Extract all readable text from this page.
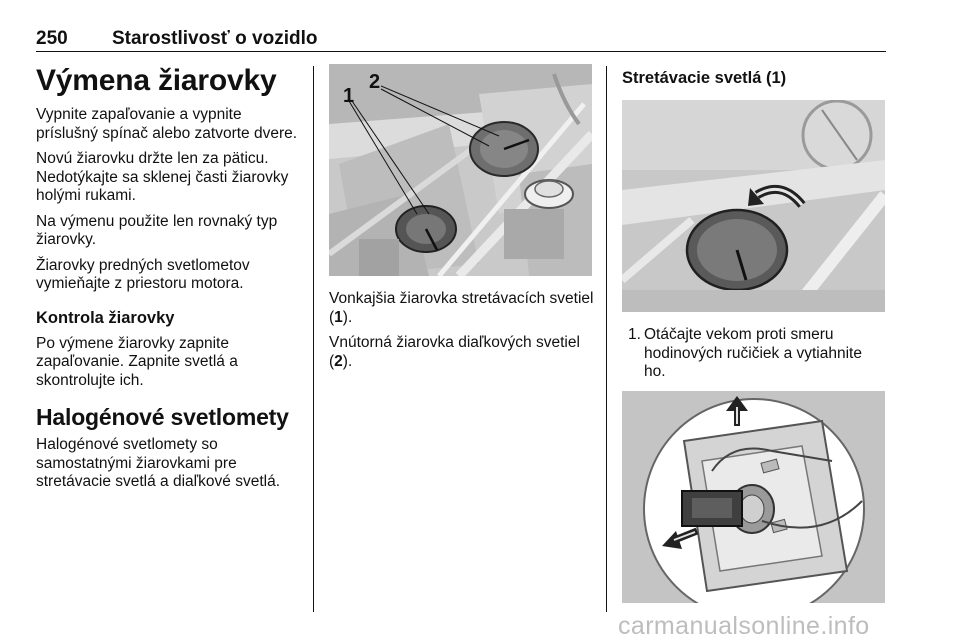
250 Starostlivosť o vozidlo
Výmena žiarovky

Vypnite zapaľovanie a vypnite príslušný spínač alebo zatvorte dvere.

Novú žiarovku držte len za päticu. Nedotýkajte sa sklenej časti žiarovky holými rukami.

Na výmenu použite len rovnaký typ žiarovky.

Žiarovky predných svetlometov vymieňajte z priestoru motora.

Kontrola žiarovky

Po výmene žiarovky zapnite zapaľovanie. Zapnite svetlá a skontrolujte ich.

Halogénové svetlomety

Halogénové svetlomety so samostatnými žiarovkami pre stretávacie svetlá a diaľkové svetlá.

1
2

Vonkajšia žiarovka stretávacích svetiel (1).

Vnútorná žiarovka diaľkových svetiel (2).

Stretávacie svetlá (1)
1. Otáčajte vekom proti smeru hodinových ručičiek a vytiahnite ho.
carmanualsonline.info
